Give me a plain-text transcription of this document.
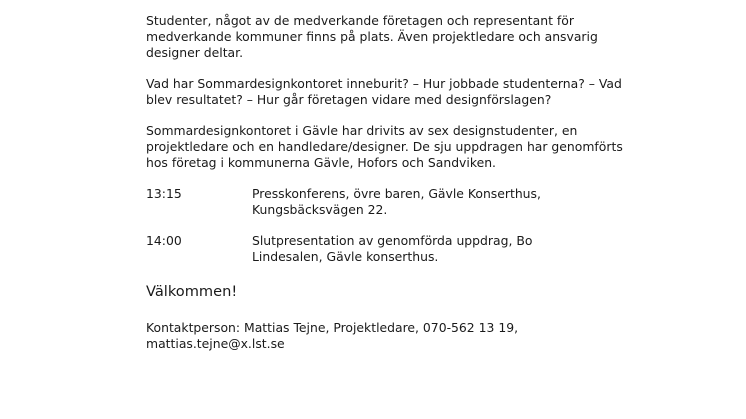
Studenter, något av de medverkande företagen och representant för medverkande kommuner finns på plats. Även projektledare och ansvarig designer deltar.

Vad har Sommardesignkontoret inneburit? – Hur jobbade studenterna? – Vad blev resultatet? – Hur går företagen vidare med designförslagen?

Sommardesignkontoret i Gävle har drivits av sex designstudenter, en projektledare och en handledare/designer. De sju uppdragen har genomförts hos företag i kommunerna Gävle, Hofors och Sandviken.

13:15	Presskonferens, övre baren, Gävle Konserthus,
Kungsbäcksvägen 22.
14:00	Slutpresentation av genomförda uppdrag, Bo
Lindesalen, Gävle konserthus.
Välkommen!
Kontaktperson: Mattias Tejne, Projektledare, 070-562 13 19,
mattias.tejne@x.lst.se
